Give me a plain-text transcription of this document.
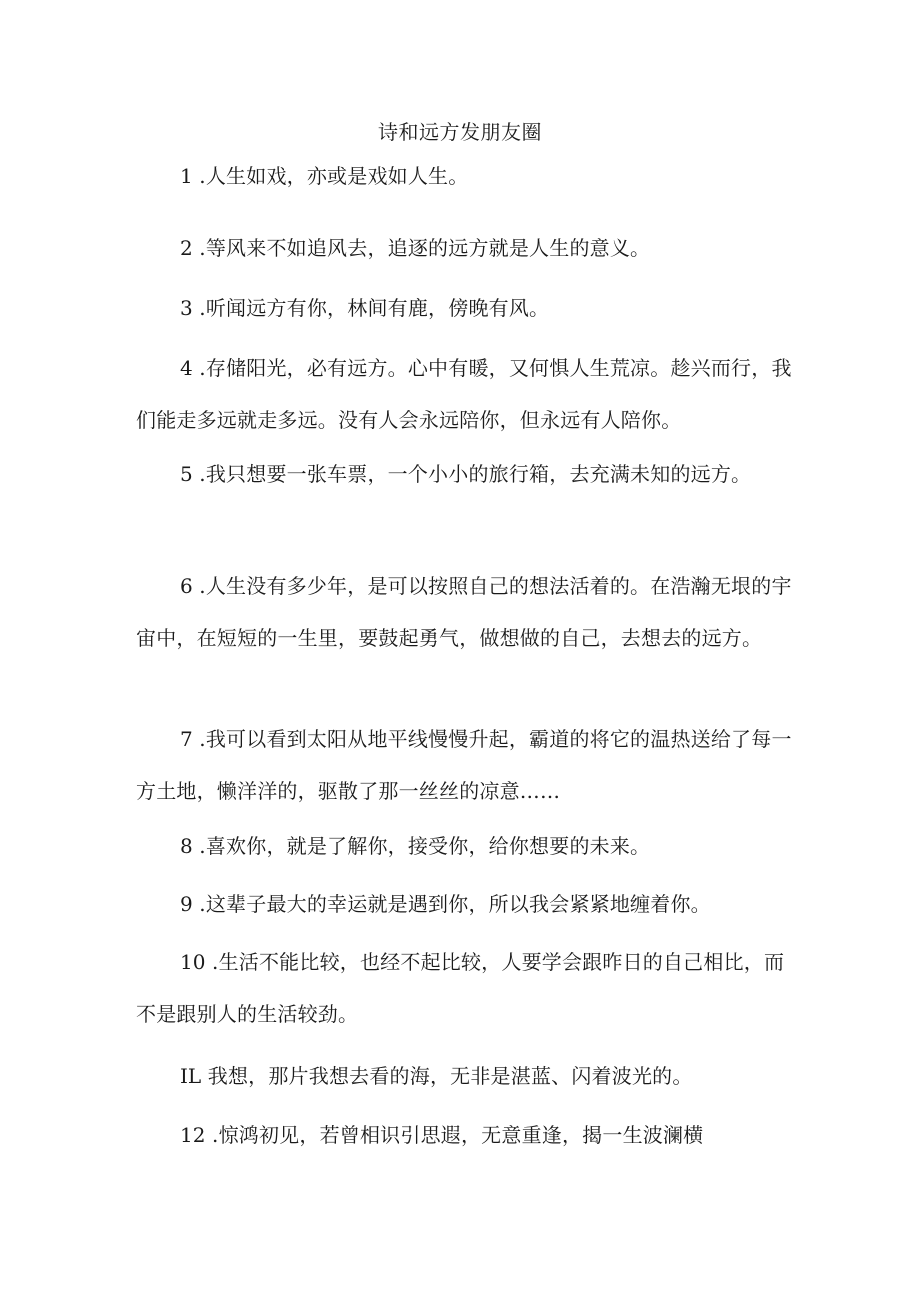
诗和远方发朋友圈

1 .人生如戏，亦或是戏如人生。

2 .等风来不如追风去，追逐的远方就是人生的意义。

3 .听闻远方有你，林间有鹿，傍晚有风。

4 .存储阳光，必有远方。心中有暖，又何惧人生荒凉。趁兴而行，我们能走多远就走多远。没有人会永远陪你，但永远有人陪你。

5 .我只想要一张车票，一个小小的旅行箱，去充满未知的远方。

6 .人生没有多少年，是可以按照自己的想法活着的。在浩瀚无垠的宇宙中，在短短的一生里，要鼓起勇气，做想做的自己，去想去的远方。

7 .我可以看到太阳从地平线慢慢升起，霸道的将它的温热送给了每一方土地，懒洋洋的，驱散了那一丝丝的凉意……

8 .喜欢你，就是了解你，接受你，给你想要的未来。

9 .这辈子最大的幸运就是遇到你，所以我会紧紧地缠着你。

10 .生活不能比较，也经不起比较，人要学会跟昨日的自己相比，而不是跟别人的生活较劲。

IL 我想，那片我想去看的海，无非是湛蓝、闪着波光的。

12 .惊鸿初见，若曾相识引思遐，无意重逢，揭一生波澜横
